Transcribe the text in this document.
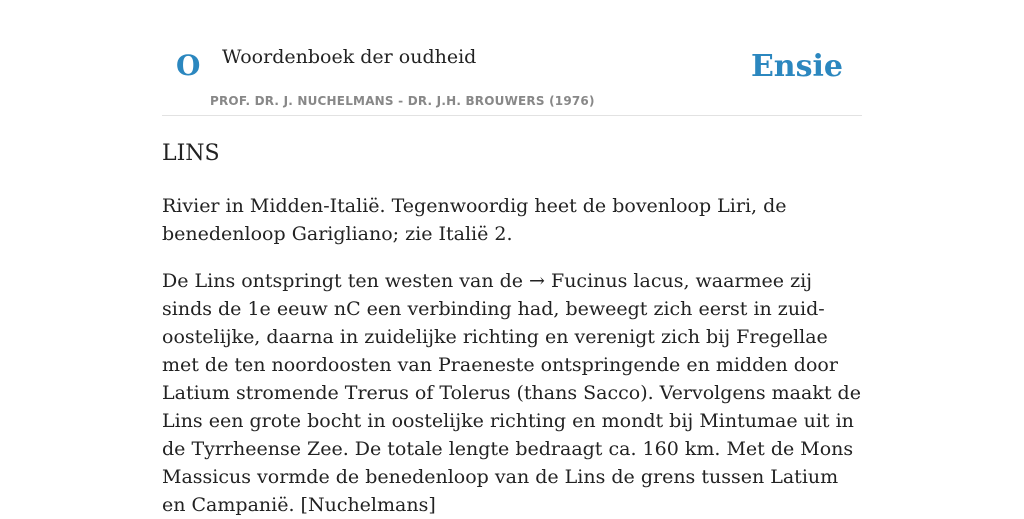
O Woordenboek der oudheid
PROF. DR. J. NUCHELMANS - DR. J.H. BROUWERS (1976)
Ensie
LINS

Rivier in Midden-Italië. Tegenwoordig heet de bovenloop Liri, de benedenloop Garigliano; zie Italië 2.

De Lins ontspringt ten westen van de → Fucinus lacus, waarmee zij sinds de 1e eeuw nC een verbinding had, beweegt zich eerst in zuid-oostelijke, daarna in zuidelijke richting en verenigt zich bij Fregellae met de ten noordoosten van Praeneste ontspringende en midden door Latium stromende Trerus of Tolerus (thans Sacco). Vervolgens maakt de Lins een grote bocht in oostelijke richting en mondt bij Mintumae uit in de Tyrrheense Zee. De totale lengte bedraagt ca. 160 km. Met de Mons Massicus vormde de benedenloop van de Lins de grens tussen Latium en Campanië. [Nuchelmans]
